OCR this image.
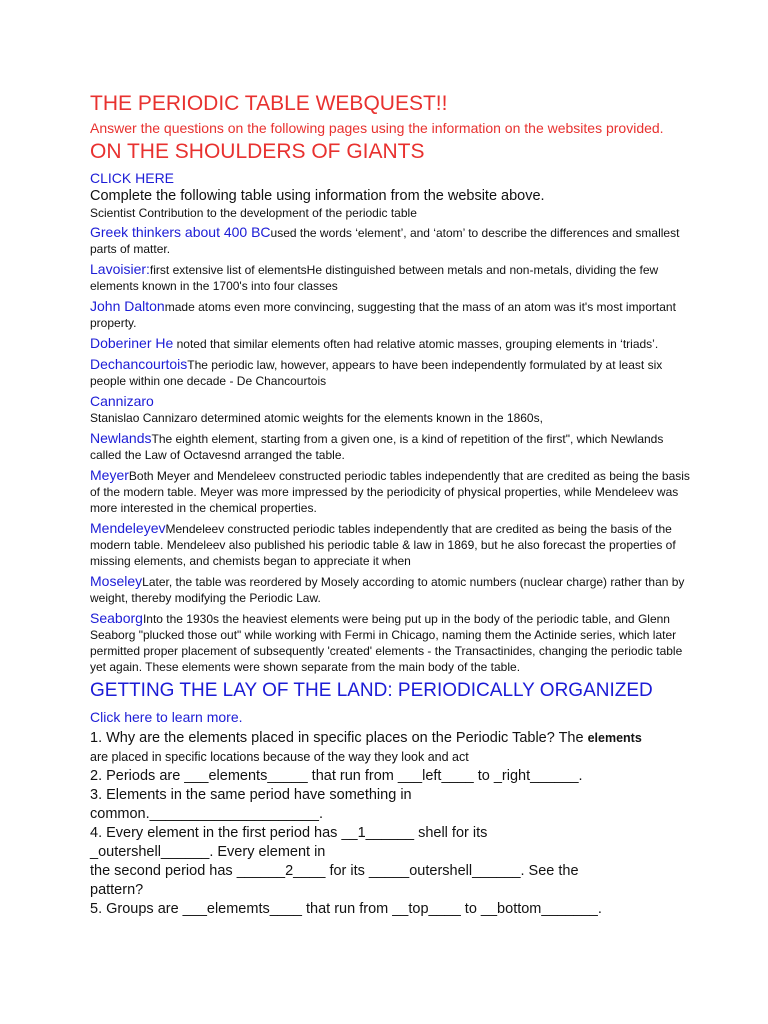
THE PERIODIC TABLE WEBQUEST!!

Answer the questions on the following pages using the information on the websites provided.

ON THE SHOULDERS OF GIANTS

CLICK HERE

Complete the following table using information from the website above.

Scientist Contribution to the development of the periodic table

Greek thinkers about 400 BCused the words ‘element’, and ‘atom’ to describe the differences and smallest parts of matter.

Lavoisier:first extensive list of elementsHe distinguished between metals and non-metals, dividing the few elements known in the 1700's into four classes

John Daltonmade atoms even more convincing, suggesting that the mass of an atom was it's most important property.

Doberiner He noted that similar elements often had relative atomic masses, grouping elements in ‘triads’.

DechancourtoisThe periodic law, however, appears to have been independently formulated by at least six people within one decade - De Chancourtois

Cannizaro

Stanislao Cannizaro determined atomic weights for the elements known in the 1860s,

NewlandsThe eighth element, starting from a given one, is a kind of repetition of the first", which Newlands called the Law of Octavesnd arranged the table.

MeyerBoth Meyer and Mendeleev constructed periodic tables independently that are credited as being the basis of the modern table. Meyer was more impressed by the periodicity of physical properties, while Mendeleev was more interested in the chemical properties.

MendeleyevMendeleev constructed periodic tables independently that are credited as being the basis of the modern table. Mendeleev also published his periodic table & law in 1869, but he also forecast the properties of missing elements, and chemists began to appreciate it when

MoseleyLater, the table was reordered by Mosely according to atomic numbers (nuclear charge) rather than by weight, thereby modifying the Periodic Law.

SeaborgInto the 1930s the heaviest elements were being put up in the body of the periodic table, and Glenn Seaborg "plucked those out" while working with Fermi in Chicago, naming them the Actinide series, which later permitted proper placement of subsequently 'created' elements - the Transactinides, changing the periodic table yet again. These elements were shown separate from the main body of the table.

GETTING THE LAY OF THE LAND: PERIODICALLY ORGANIZED

Click here to learn more.

1. Why are the elements placed in specific places on the Periodic Table? The elements
are placed in specific locations because of the way they look and act

2. Periods are ___elements_____ that run from ___left____ to _right______.

3. Elements in the same period have something in

common._____________________.

4. Every element in the first period has __1______ shell for its

_outershell______. Every element in

the second period has ______2____ for its _____outershell______. See the

pattern?

5. Groups are ___elememts____ that run from __top____ to __bottom_______.
